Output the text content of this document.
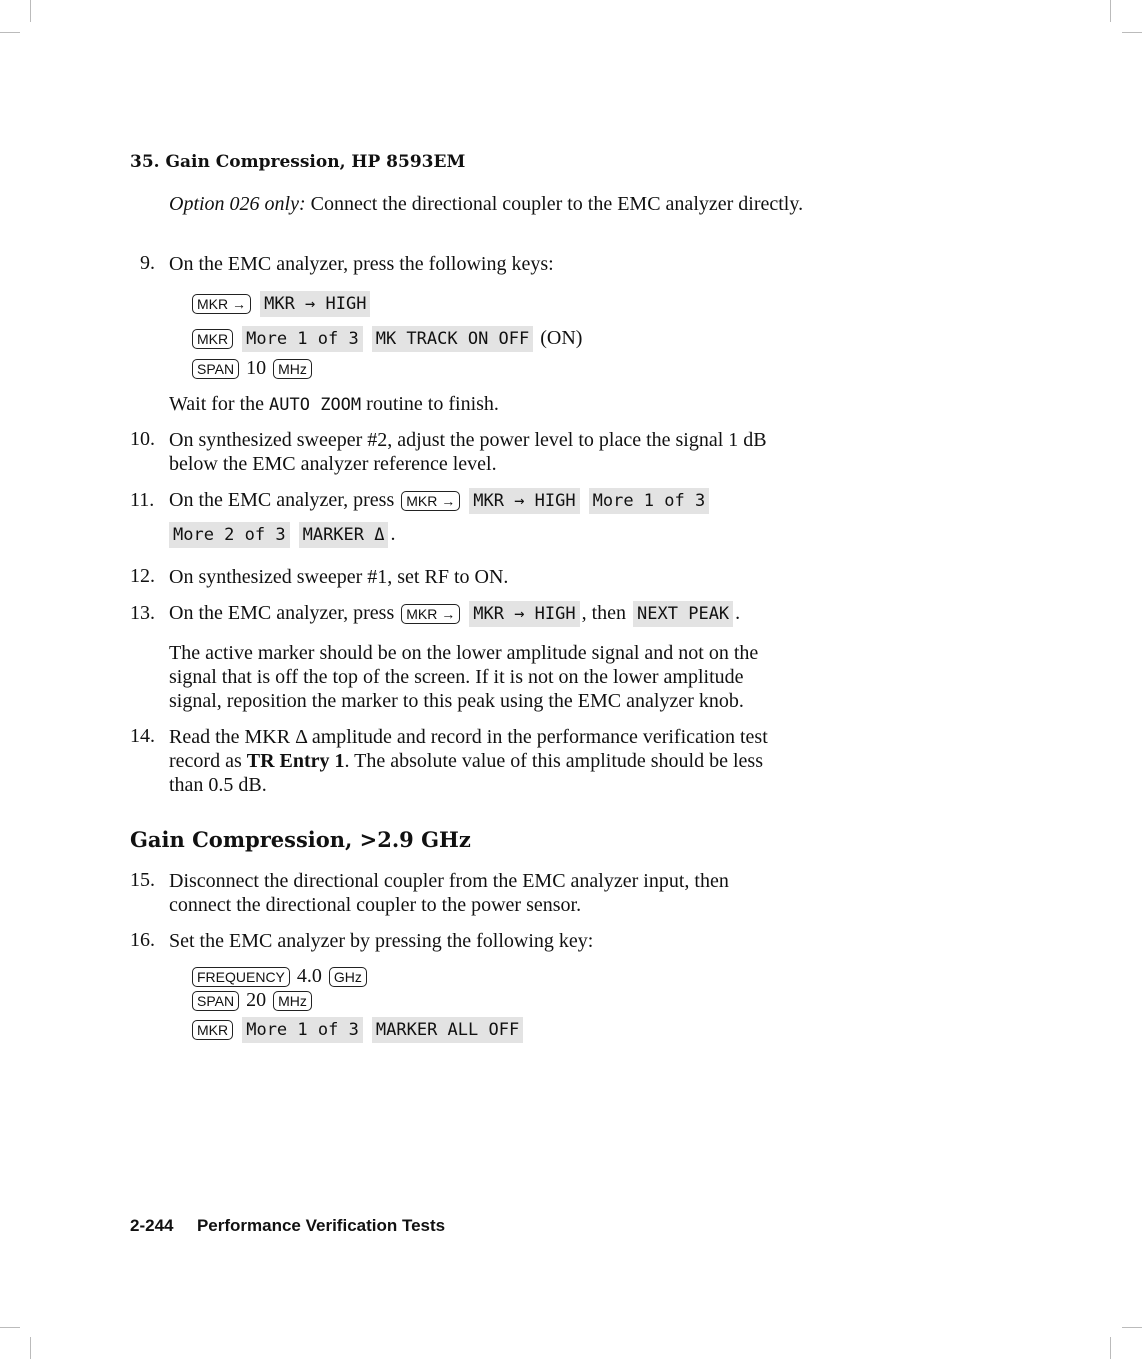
35. Gain Compression, HP 8593EM
Option 026 only: Connect the directional coupler to the EMC analyzer directly.
9. On the EMC analyzer, press the following keys:
MKR → MKR → HIGH
MKR More 1 of 3 MK TRACK ON OFF (ON)
SPAN 10 MHz
Wait for the AUTO ZOOM routine to finish.
10. On synthesized sweeper #2, adjust the power level to place the signal 1 dB
below the EMC analyzer reference level.
11. On the EMC analyzer, press MKR → MKR → HIGH More 1 of 3
More 2 of 3 MARKER Δ .
12. On synthesized sweeper #1, set RF to ON.
13. On the EMC analyzer, press MKR → MKR → HIGH , then NEXT PEAK .
The active marker should be on the lower amplitude signal and not on the
signal that is off the top of the screen. If it is not on the lower amplitude
signal, reposition the marker to this peak using the EMC analyzer knob.
14. Read the MKR Δ amplitude and record in the performance verification test
record as TR Entry 1. The absolute value of this amplitude should be less
than 0.5 dB.
Gain Compression, >2.9 GHz
15. Disconnect the directional coupler from the EMC analyzer input, then
connect the directional coupler to the power sensor.
16. Set the EMC analyzer by pressing the following key:
FREQUENCY 4.0 GHz
SPAN 20 MHz
MKR More 1 of 3 MARKER ALL OFF
2-244 Performance Verification Tests
